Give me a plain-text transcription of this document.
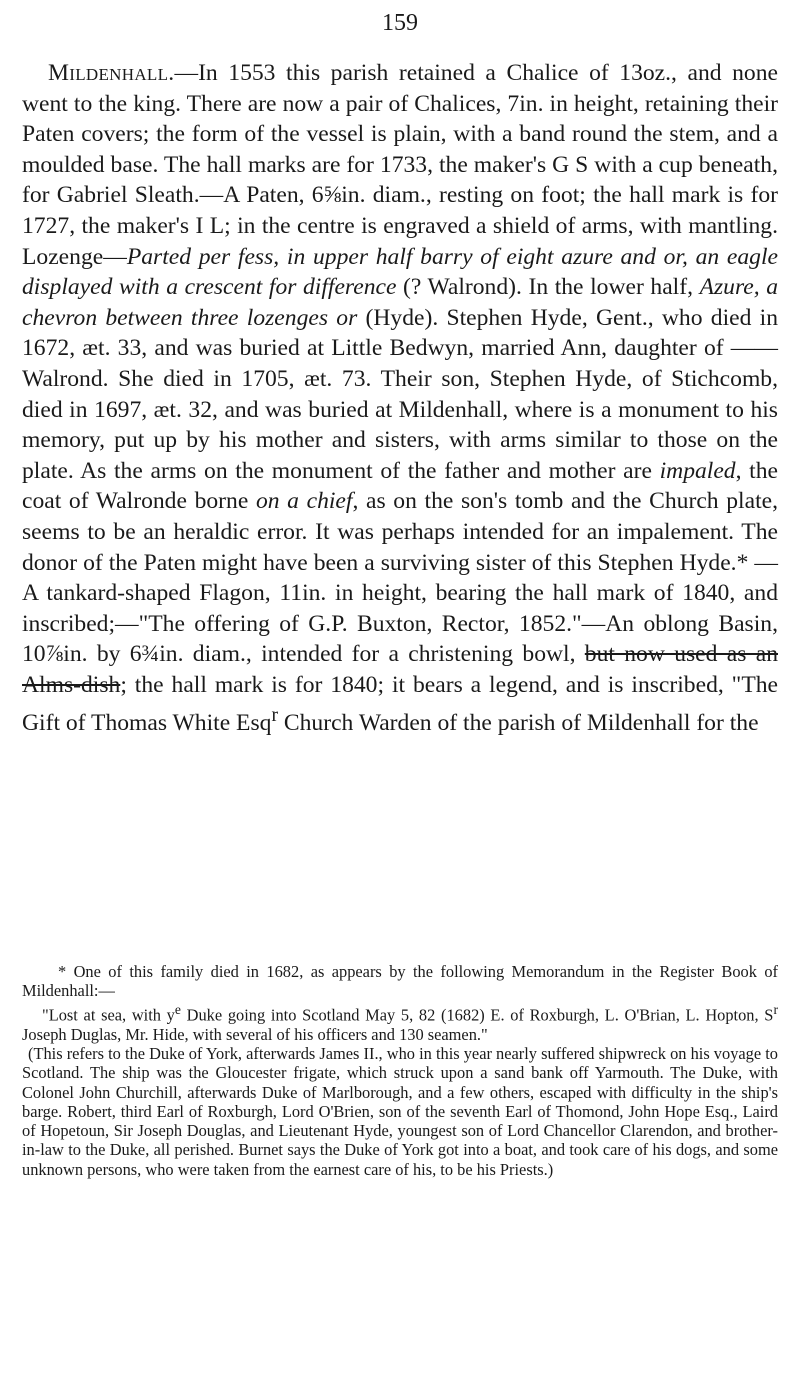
159

Mildenhall.—In 1553 this parish retained a Chalice of 13oz., and none went to the king. There are now a pair of Chalices, 7in. in height, retaining their Paten covers; the form of the vessel is plain, with a band round the stem, and a moulded base. The hall marks are for 1733, the maker's G S with a cup beneath, for Gabriel Sleath.—A Paten, 6⅝in. diam., resting on foot; the hall mark is for 1727, the maker's I L; in the centre is engraved a shield of arms, with mantling. Lozenge—Parted per fess, in upper half barry of eight azure and or, an eagle displayed with a crescent for difference (? Walrond). In the lower half, Azure, a chevron between three lozenges or (Hyde). Stephen Hyde, Gent., who died in 1672, æt. 33, and was buried at Little Bedwyn, married Ann, daughter of —— Walrond. She died in 1705, æt. 73. Their son, Stephen Hyde, of Stichcomb, died in 1697, æt. 32, and was buried at Mildenhall, where is a monument to his memory, put up by his mother and sisters, with arms similar to those on the plate. As the arms on the monument of the father and mother are impaled, the coat of Walronde borne on a chief, as on the son's tomb and the Church plate, seems to be an heraldic error. It was perhaps intended for an impalement. The donor of the Paten might have been a surviving sister of this Stephen Hyde.* —A tankard-shaped Flagon, 11in. in height, bearing the hall mark of 1840, and inscribed;—"The offering of G.P. Buxton, Rector, 1852."—An oblong Basin, 10⅞in. by 6¾in. diam., intended for a christening bowl, but now used as an Alms-dish; the hall mark is for 1840; it bears a legend, and is inscribed, "The Gift of Thomas White Esq$^r$ Church Warden of the parish of Mildenhall for the

* One of this family died in 1682, as appears by the following Memorandum in the Register Book of Mildenhall:—

"Lost at sea, with $y^e$ Duke going into Scotland May 5, 82 (1682) E. of Roxburgh, L. O'Brian, L. Hopton, $S^r$ Joseph Duglas, Mr. Hide, with several of his officers and 130 seamen."

(This refers to the Duke of York, afterwards James II., who in this year nearly suffered shipwreck on his voyage to Scotland. The ship was the Gloucester frigate, which struck upon a sand bank off Yarmouth. The Duke, with Colonel John Churchill, afterwards Duke of Marlborough, and a few others, escaped with difficulty in the ship's barge. Robert, third Earl of Roxburgh, Lord O'Brien, son of the seventh Earl of Thomond, John Hope Esq., Laird of Hopetoun, Sir Joseph Douglas, and Lieutenant Hyde, youngest son of Lord Chancellor Clarendon, and brother-in-law to the Duke, all perished. Burnet says the Duke of York got into a boat, and took care of his dogs, and some unknown persons, who were taken from the earnest care of his, to be his Priests.)
